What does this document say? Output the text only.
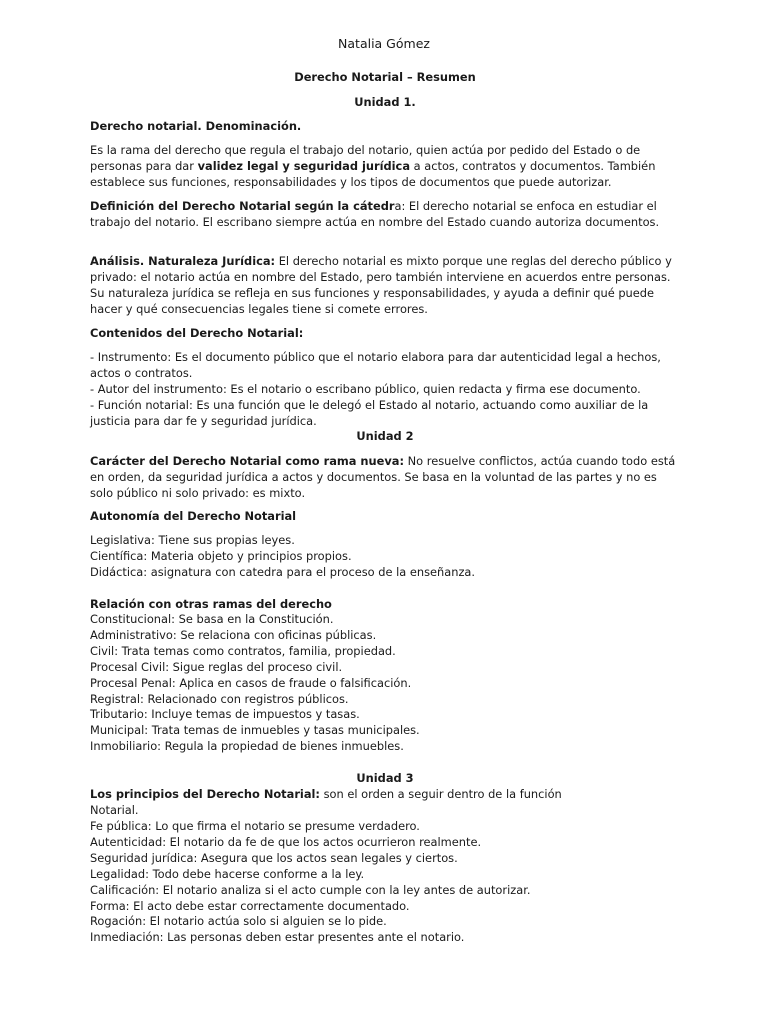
Natalia Gómez
Derecho Notarial – Resumen
Unidad 1.
Derecho notarial. Denominación.

Es la rama del derecho que regula el trabajo del notario, quien actúa por pedido del Estado o de personas para dar validez legal y seguridad jurídica a actos, contratos y documentos. También establece sus funciones, responsabilidades y los tipos de documentos que puede autorizar.

Definición del Derecho Notarial según la cátedra: El derecho notarial se enfoca en estudiar el trabajo del notario. El escribano siempre actúa en nombre del Estado cuando autoriza documentos.

Análisis. Naturaleza Jurídica: El derecho notarial es mixto porque une reglas del derecho público y privado: el notario actúa en nombre del Estado, pero también interviene en acuerdos entre personas. Su naturaleza jurídica se refleja en sus funciones y responsabilidades, y ayuda a definir qué puede hacer y qué consecuencias legales tiene si comete errores.

Contenidos del Derecho Notarial:

- Instrumento: Es el documento público que el notario elabora para dar autenticidad legal a hechos, actos o contratos.

- Autor del instrumento: Es el notario o escribano público, quien redacta y firma ese documento.

- Función notarial: Es una función que le delegó el Estado al notario, actuando como auxiliar de la justicia para dar fe y seguridad jurídica.

Unidad 2

Carácter del Derecho Notarial como rama nueva: No resuelve conflictos, actúa cuando todo está en orden, da seguridad jurídica a actos y documentos. Se basa en la voluntad de las partes y no es solo público ni solo privado: es mixto.

Autonomía del Derecho Notarial

Legislativa: Tiene sus propias leyes.

Científica: Materia objeto y principios propios.

Didáctica: asignatura con catedra para el proceso de la enseñanza.

Relación con otras ramas del derecho

Constitucional: Se basa en la Constitución.

Administrativo: Se relaciona con oficinas públicas.

Civil: Trata temas como contratos, familia, propiedad.

Procesal Civil: Sigue reglas del proceso civil.

Procesal Penal: Aplica en casos de fraude o falsificación.

Registral: Relacionado con registros públicos.

Tributario: Incluye temas de impuestos y tasas.

Municipal: Trata temas de inmuebles y tasas municipales.

Inmobiliario: Regula la propiedad de bienes inmuebles.

Unidad 3

Los principios del Derecho Notarial: son el orden a seguir dentro de la función Notarial.

Fe pública: Lo que firma el notario se presume verdadero.

Autenticidad: El notario da fe de que los actos ocurrieron realmente.

Seguridad jurídica: Asegura que los actos sean legales y ciertos.

Legalidad: Todo debe hacerse conforme a la ley.

Calificación: El notario analiza si el acto cumple con la ley antes de autorizar.

Forma: El acto debe estar correctamente documentado.

Rogación: El notario actúa solo si alguien se lo pide.

Inmediación: Las personas deben estar presentes ante el notario.
